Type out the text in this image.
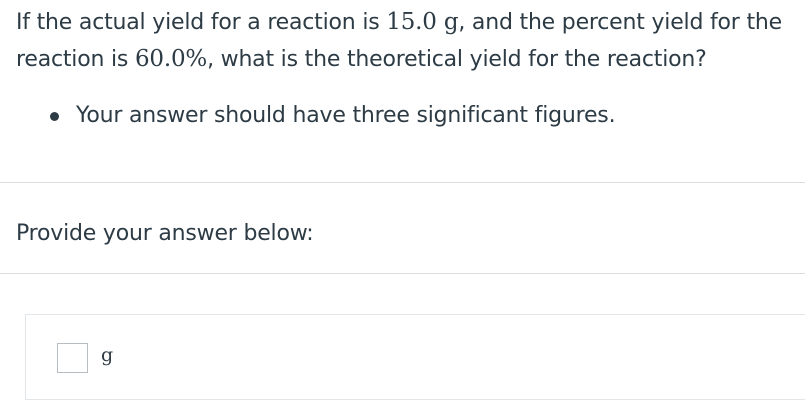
If the actual yield for a reaction is 15.0 g, and the percent yield for the reaction is 60.0%, what is the theoretical yield for the reaction?
Your answer should have three significant figures.
Provide your answer below:
g
